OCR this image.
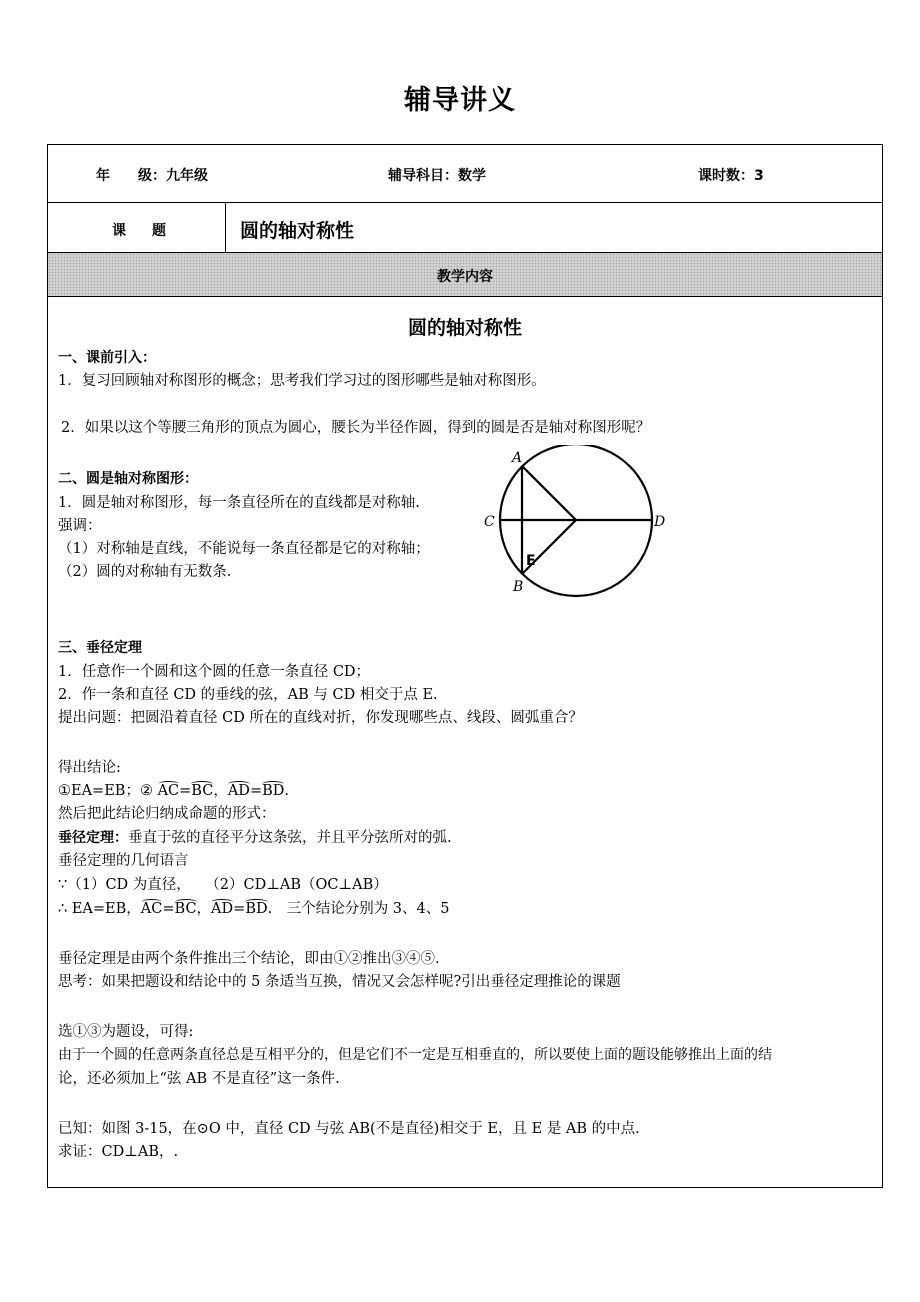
辅导讲义
年　　级：九年级	辅导科目：数学	课时数：3
课题	圆的轴对称性
教学内容
圆的轴对称性
一、课前引入：
1．复习回顾轴对称图形的概念；思考我们学习过的图形哪些是轴对称图形。
2．如果以这个等腰三角形的顶点为圆心，腰长为半径作圆，得到的圆是否是轴对称图形呢？
二、圆是轴对称图形：
1．圆是轴对称图形，每一条直径所在的直线都是对称轴.
强调：
（1）对称轴是直线，不能说每一条直径都是它的对称轴；
（2）圆的对称轴有无数条.
A
C	D
B
E
三、垂径定理
1．任意作一个圆和这个圆的任意一条直径 CD；
2．作一条和直径 CD 的垂线的弦，AB 与 CD 相交于点 E.
提出问题：把圆沿着直径 CD 所在的直线对折，你发现哪些点、线段、圆弧重合？
得出结论:
①EA=EB；② AC=BC，AD=BD.
然后把此结论归纳成命题的形式：
垂径定理：垂直于弦的直径平分这条弦，并且平分弦所对的弧.
垂径定理的几何语言
∵（1）CD 为直径，　　（2）CD⊥AB（OC⊥AB）
∴ EA=EB，AC=BC，AD=BD.　三个结论分别为 3、4、5
垂径定理是由两个条件推出三个结论，即由①②推出③④⑤.
思考：如果把题设和结论中的 5 条适当互换，情况又会怎样呢?引出垂径定理推论的课题
选①③为题设，可得:
由于一个圆的任意两条直径总是互相平分的，但是它们不一定是互相垂直的，所以要使上面的题设能够推出上面的结
论，还必须加上“弦 AB 不是直径”这一条件.
已知：如图 3-15，在⊙O 中，直径 CD 与弦 AB(不是直径)相交于 E，且 E 是 AB 的中点.
求证：CD⊥AB，.
